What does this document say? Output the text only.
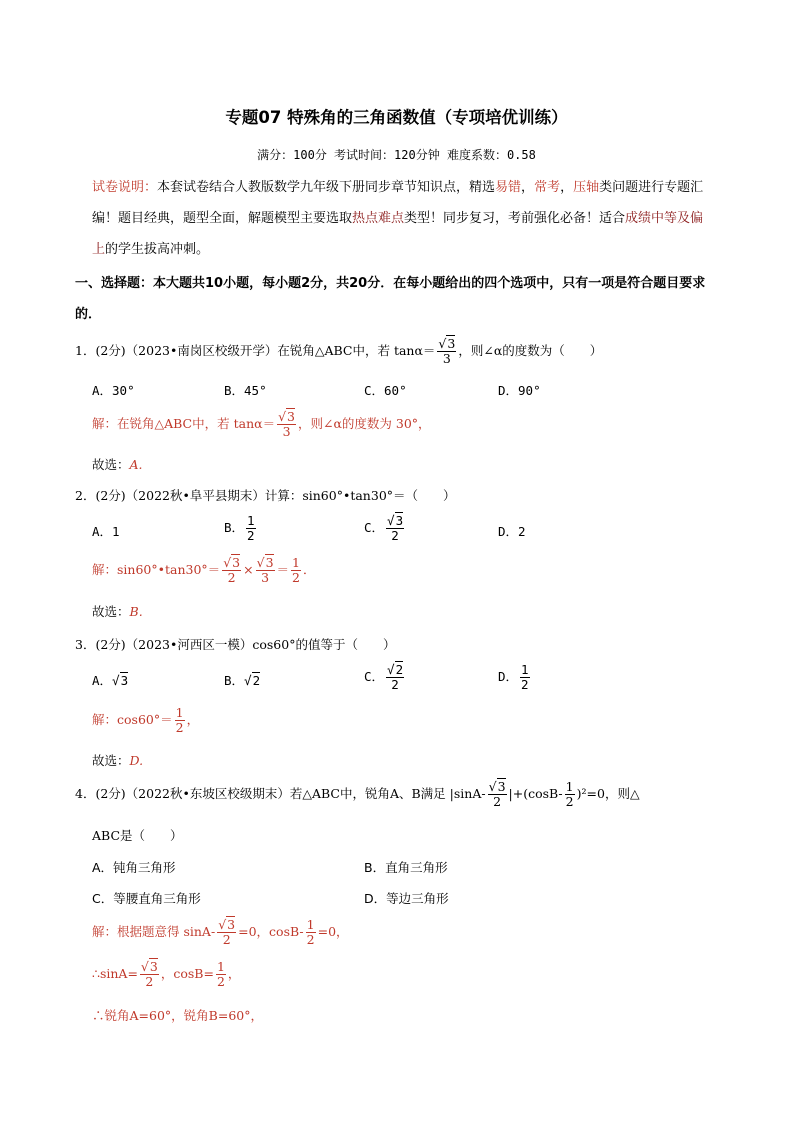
专题07 特殊角的三角函数值（专项培优训练）
满分：100分 考试时间：120分钟 难度系数：0.58
试卷说明：本套试卷结合人教版数学九年级下册同步章节知识点，精选易错，常考，压轴类问题进行专题汇编！题目经典，题型全面，解题模型主要选取热点难点类型！同步复习，考前强化必备！适合成绩中等及偏上的学生拔高冲刺。
一、选择题：本大题共10小题，每小题2分，共20分．在每小题给出的四个选项中，只有一项是符合题目要求的．
1．(2分)（2023•南岗区校级开学）在锐角△ABC中，若 $\tan\alpha= \frac{√3}{3}$ ，则∠α的度数为（　　）
A．30°	B．45°	C．60°	D．90°
解：在锐角△ABC中，若 $\tan\alpha= \frac{√3}{3}$ ，则∠α的度数为 30°，
故选：A.
2．(2分)（2022秋•阜平县期末）计算：sin60°•tan30°＝（　　）
A．1	B． $\frac{1}{2}$	C． $\frac{√3}{2}$	D．2
解：sin60°•tan30°＝ $\frac{√3}{2} \times \frac{√3}{3} = \frac{1}{2}$ ．
故选：B.
3．(2分)（2023•河西区一模）cos60°的值等于（　　）
A．√3	B．√2	C． $\frac{√2}{2}$	D． $\frac{1}{2}$
解：$\cos 60^\circ= \frac{1}{2}$ ，
故选：D.
4．(2分)（2022秋•东坡区校级期末）若△ABC中，锐角A、B满足 $|\sin A- \frac{√3}{2} |+(\cos B- \frac{1}{2} )^2=0$，则△
ABC是（　　）
A．钝角三角形	B．直角三角形
C．等腰直角三角形	D．等边三角形
解：根据题意得 $\sin A- \frac{√3}{2} =0$，$\cos B- \frac{1}{2} =0$，
∴sinA= $\frac{√3}{2}$ ，$\cos B= \frac{1}{2}$ ，
∴锐角A=60°，锐角B=60°，
